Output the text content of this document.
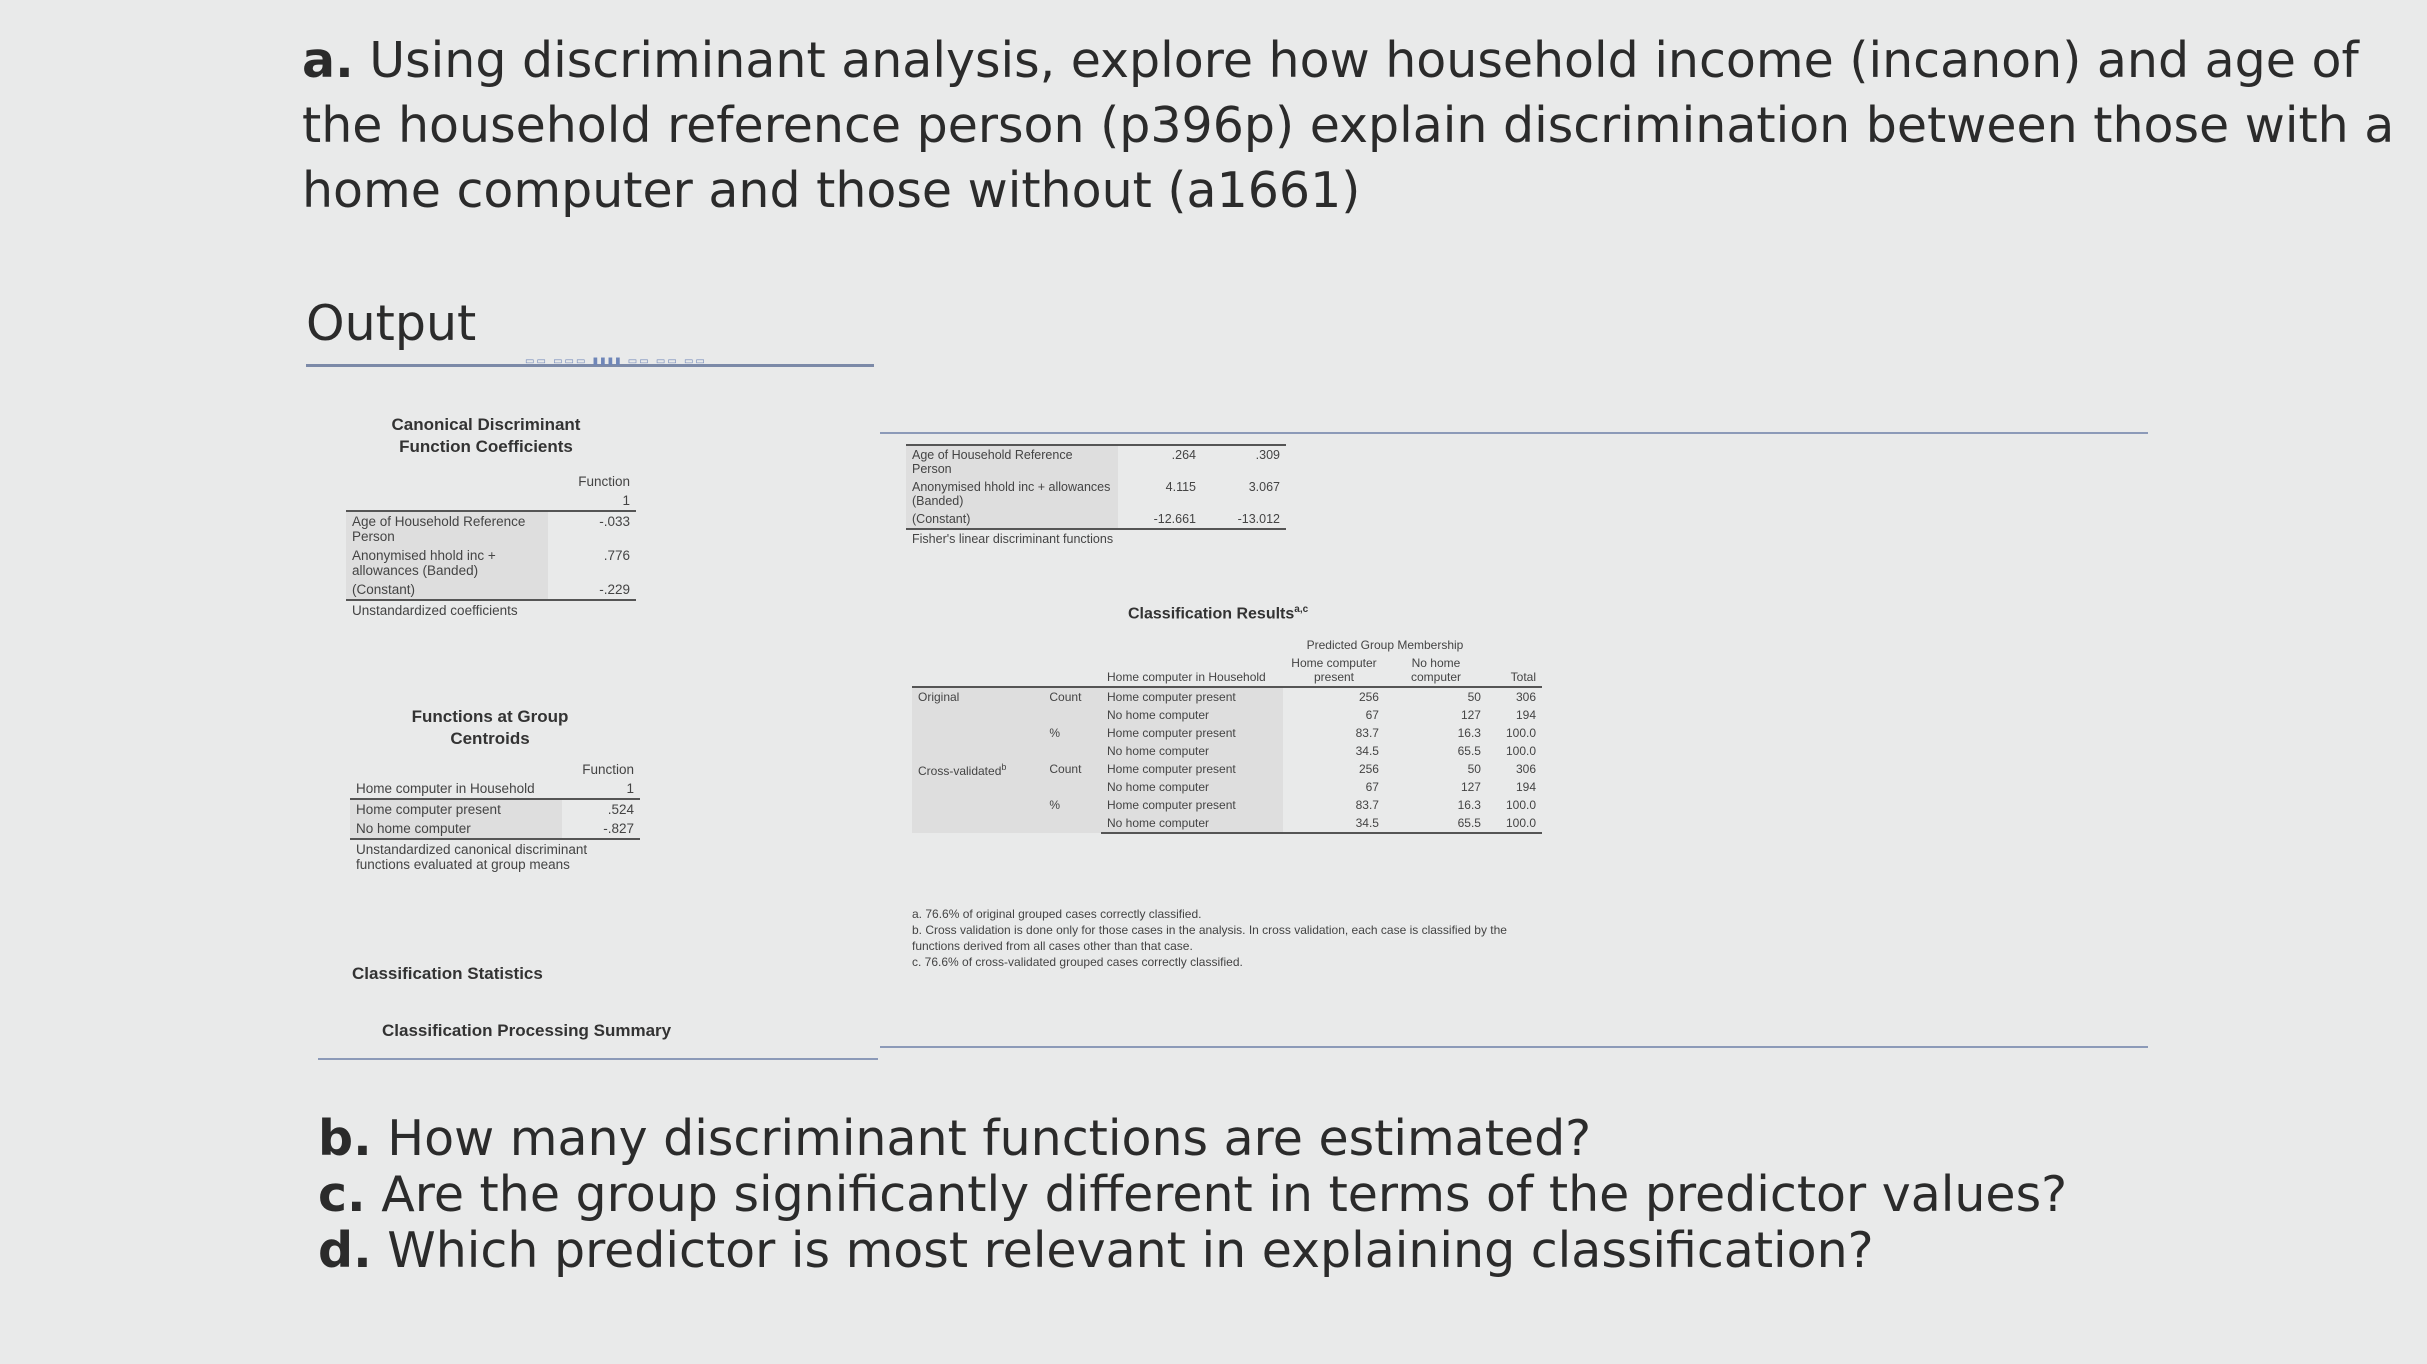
a. Using discriminant analysis, explore how household income (incanon) and age of the household reference person (p396p) explain discrimination between those with a home computer and those without (a1661)
Output
▭▭ ▭▭▭ ▮▮▮▮ ▭▭ ▭▭ ▭▭
Canonical Discriminant
Function Coefficients
	Function
	1
Age of Household Reference Person	-.033
Anonymised hhold inc + allowances (Banded)	.776
(Constant)	-.229
Unstandardized coefficients	
Functions at Group
Centroids
Home computer in Household	Function
	1
Home computer present	.524
No home computer	-.827
Unstandardized canonical discriminant functions evaluated at group means	
Classification Statistics
Classification Processing Summary
Age of Household Reference Person	.264	.309
Anonymised hhold inc + allowances (Banded)	4.115	3.067
(Constant)	-12.661	-13.012
Fisher's linear discriminant functions		
Classification Results$^{a,c}$
			Predicted Group Membership		
		Home computer in Household	Home computer present	No home computer	Total
Original	Count	Home computer present	256	50	306
		No home computer	67	127	194
	%	Home computer present	83.7	16.3	100.0
		No home computer	34.5	65.5	100.0
Cross-validated$^b$	Count	Home computer present	256	50	306
		No home computer	67	127	194
	%	Home computer present	83.7	16.3	100.0
		No home computer	34.5	65.5	100.0
a. 76.6% of original grouped cases correctly classified.
b. Cross validation is done only for those cases in the analysis. In cross validation, each case is classified by the functions derived from all cases other than that case.
c. 76.6% of cross-validated grouped cases correctly classified.
b. How many discriminant functions are estimated?
c. Are the group significantly different in terms of the predictor values?
d. Which predictor is most relevant in explaining classification?
